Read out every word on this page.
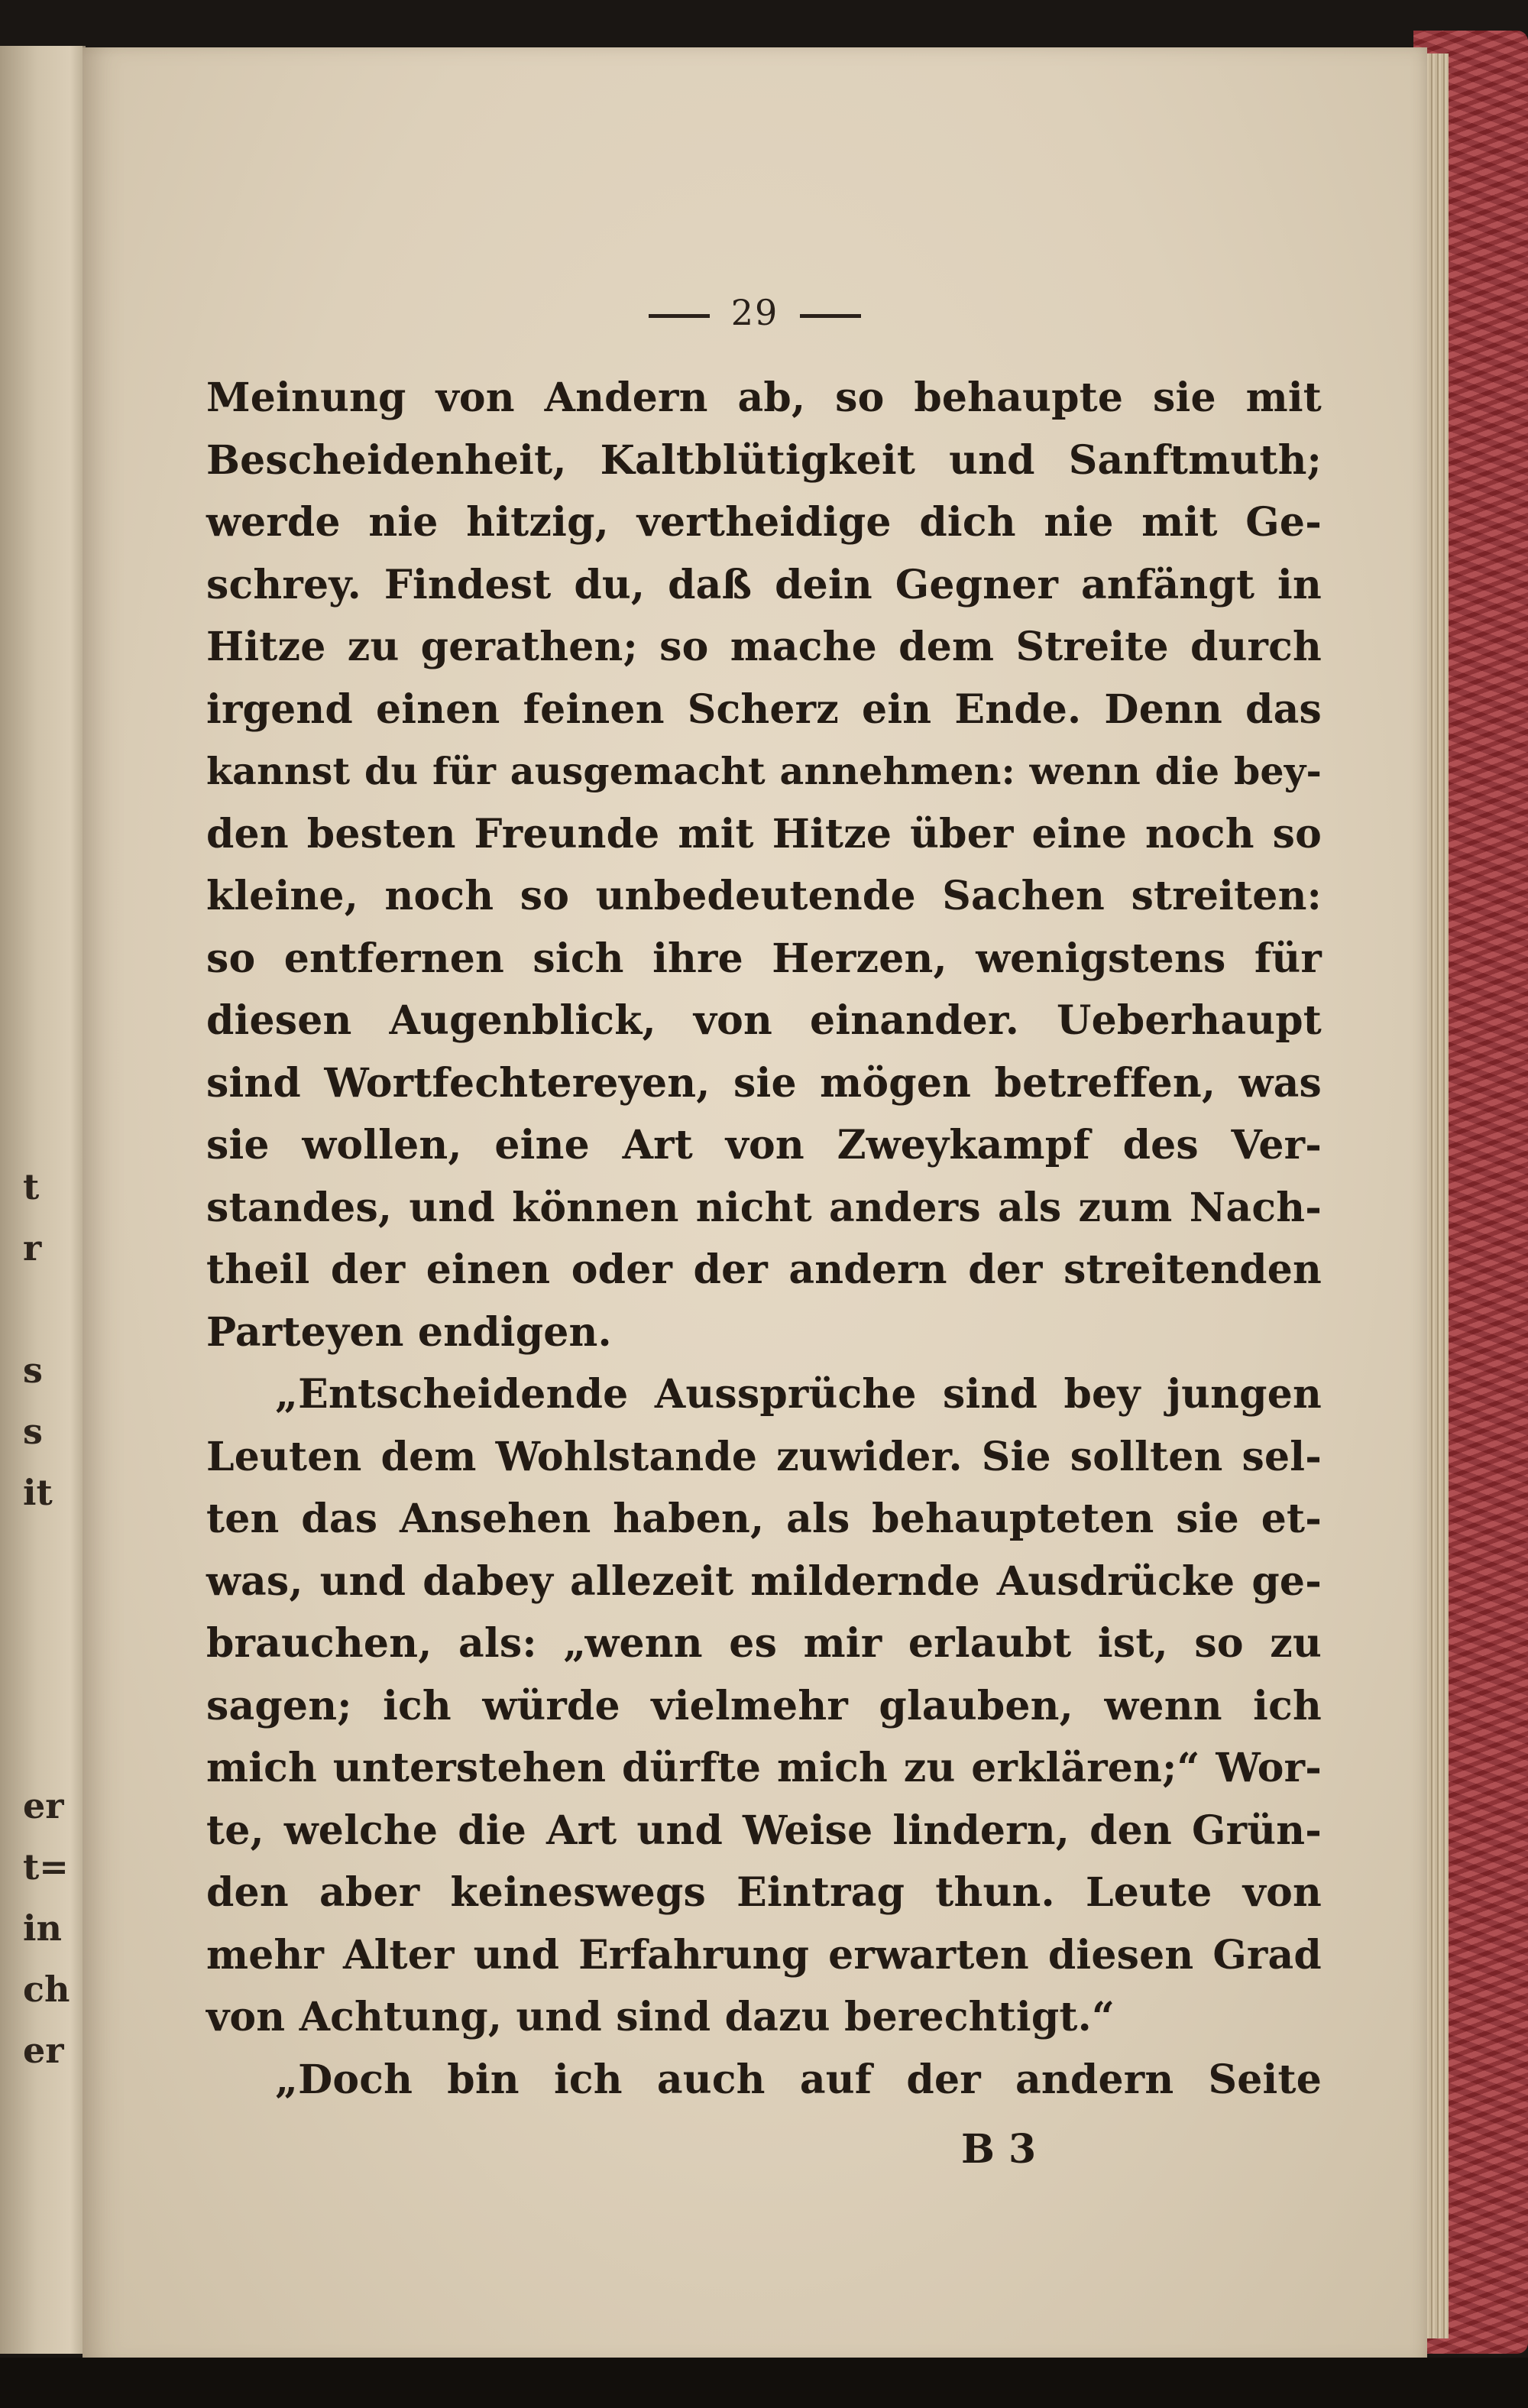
t
r
s
s
it
er
t=
in
ch
er
29
Meinung von Andern ab, so behaupte sie mit
Bescheidenheit, Kaltblütigkeit und Sanftmuth;
werde nie hitzig, vertheidige dich nie mit Ge-
schrey. Findest du, daß dein Gegner anfängt in
Hitze zu gerathen; so mache dem Streite durch
irgend einen feinen Scherz ein Ende. Denn das
kannst du für ausgemacht annehmen: wenn die bey-
den besten Freunde mit Hitze über eine noch so
kleine, noch so unbedeutende Sachen streiten:
so entfernen sich ihre Herzen, wenigstens für
diesen Augenblick, von einander. Ueberhaupt
sind Wortfechtereyen, sie mögen betreffen, was
sie wollen, eine Art von Zweykampf des Ver-
standes, und können nicht anders als zum Nach-
theil der einen oder der andern der streitenden
Parteyen endigen.
„Entscheidende Aussprüche sind bey jungen
Leuten dem Wohlstande zuwider. Sie sollten sel-
ten das Ansehen haben, als behaupteten sie et-
was, und dabey allezeit mildernde Ausdrücke ge-
brauchen, als: „wenn es mir erlaubt ist, so zu
sagen; ich würde vielmehr glauben, wenn ich
mich unterstehen dürfte mich zu erklären;“ Wor-
te, welche die Art und Weise lindern, den Grün-
den aber keineswegs Eintrag thun. Leute von
mehr Alter und Erfahrung erwarten diesen Grad
von Achtung, und sind dazu berechtigt.“
„Doch bin ich auch auf der andern Seite
B 3
